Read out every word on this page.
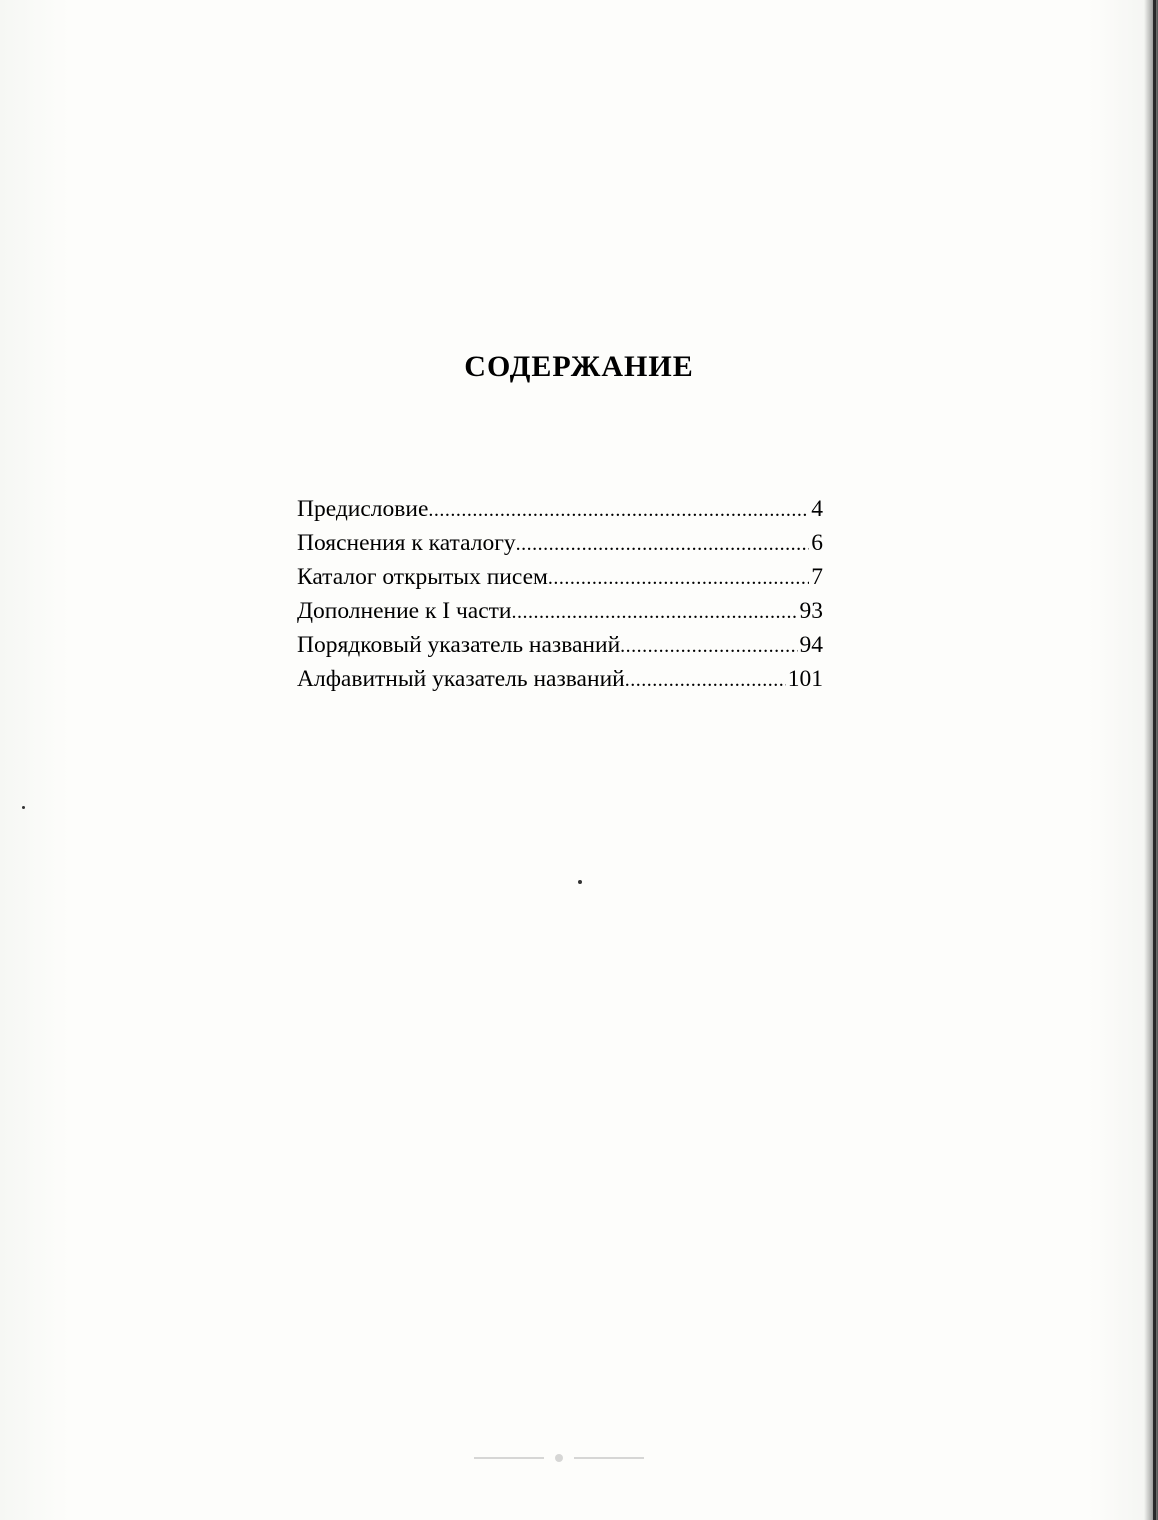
СОДЕРЖАНИЕ
Предисловие .....	4
Пояснения к каталогу .....	6
Каталог открытых писем .....	7
Дополнение к I части .....	93
Порядковый указатель названий .....	94
Алфавитный указатель названий .....	101
